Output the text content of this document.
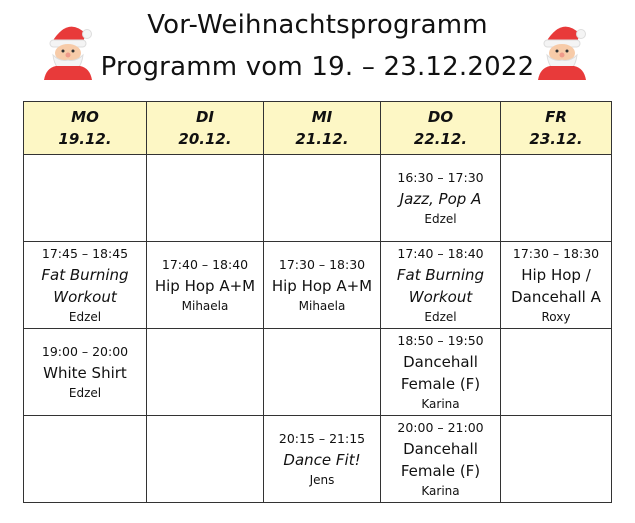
Vor-Weihnachtsprogramm
Programm vom 19. – 23.12.2022
MO
19.12.	DI
20.12.	MI
21.12.	DO
22.12.	FR
23.12.

			16:30 – 17:30
Jazz, Pop A
Edzel	

17:45 – 18:45
Fat Burning
Workout
Edzel	17:40 – 18:40
Hip Hop A+M
Mihaela	17:30 – 18:30
Hip Hop A+M
Mihaela	17:40 – 18:40
Fat Burning
Workout
Edzel	17:30 – 18:30
Hip Hop /
Dancehall A
Roxy

19:00 – 20:00
White Shirt
Edzel			18:50 – 19:50
Dancehall
Female (F)
Karina	

		20:15 – 21:15
Dance Fit!
Jens	20:00 – 21:00
Dancehall
Female (F)
Karina	
